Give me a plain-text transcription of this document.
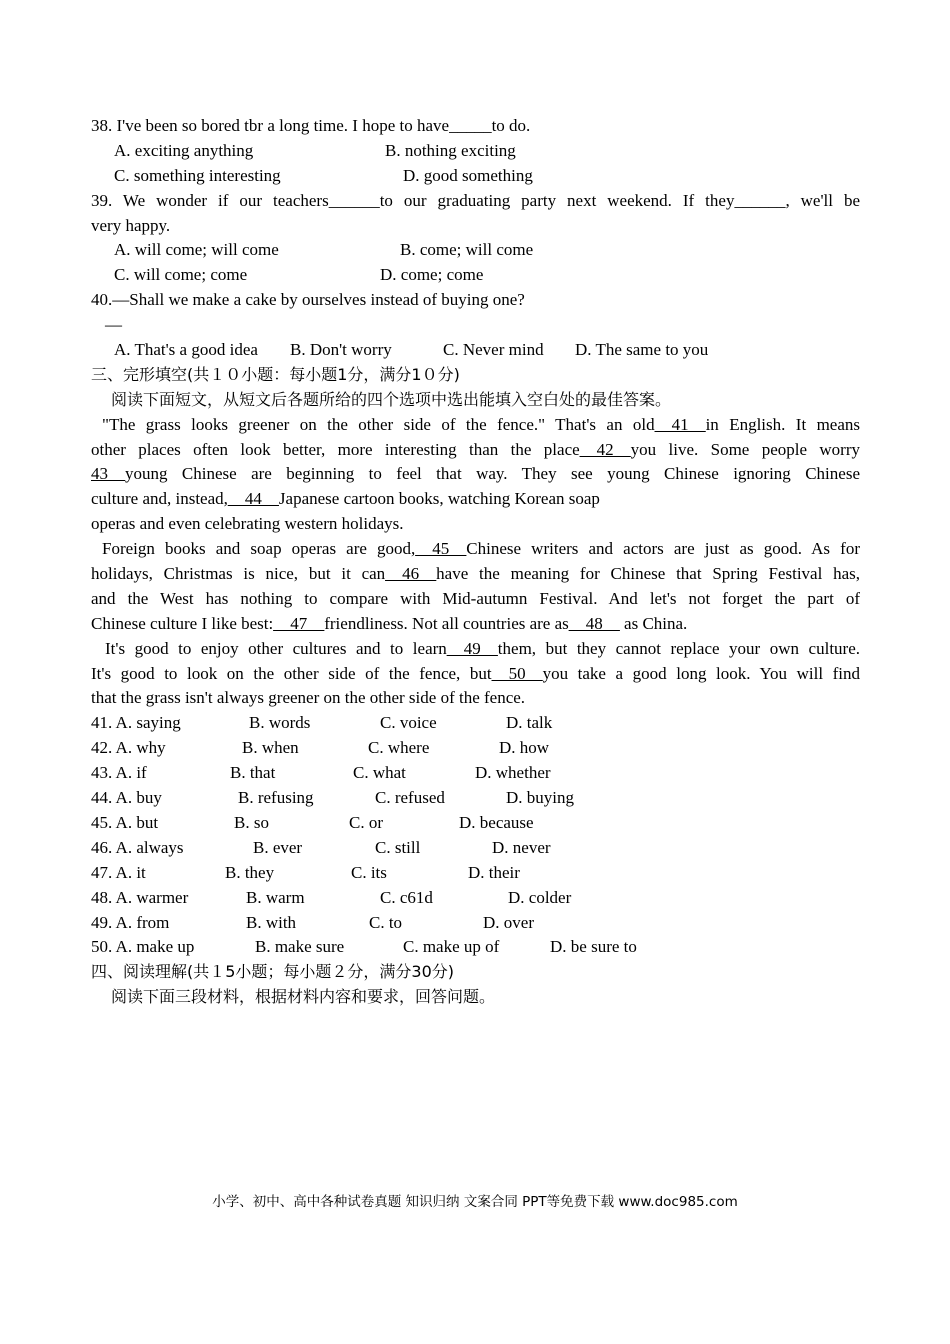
38. I've been so bored tbr a long time. I hope to have_____to do.
A. exciting anything	B. nothing exciting
C. something interesting	D. good something
39. We wonder if our teachers______to our graduating party next weekend. If they______, we'll be
very happy.
A. will come; will come	B. come; will come
C. will come; come	D. come; come
40.—Shall we make a cake by ourselves instead of buying one?
—
A. That's a good idea B. Don't worry	C. Never mind D. The same to you
三、完形填空(共１０小题：每小题1分，满分1０分)
阅读下面短文，从短文后各题所给的四个选项中选出能填入空白处的最佳答案。
"The grass looks greener on the other side of the fence." That's an old__41__in English. It means
other places often look better, more interesting than the place__42__you live. Some people worry
43__young Chinese are beginning to feel that way. They see young Chinese ignoring Chinese
culture and, instead,__44__Japanese cartoon books, watching Korean soap
operas and even celebrating western holidays.
Foreign books and soap operas are good,__45__Chinese writers and actors are just as good. As for
holidays, Christmas is nice, but it can__46__have the meaning for Chinese that Spring Festival has,
and the West has nothing to compare with Mid-autumn Festival. And let's not forget the part of
Chinese culture I like best:__47__friendliness. Not all countries are as__48__ as China.
It's good to enjoy other cultures and to learn__49__them, but they cannot replace your own culture.
It's good to look on the other side of the fence, but__50__you take a good long look. You will find
that the grass isn't always greener on the other side of the fence.
41. A. saying	B. words	C. voice	D. talk
42. A. why	B. when	C. where	D. how
43. A. if	B. that	C. what	D. whether
44. A. buy	B. refusing	C. refused	D. buying
45. A. but	B. so	C. or	D. because
46. A. always	B. ever	C. still	D. never
47. A. it	B. they	C. its	D. their
48. A. warmer	B. warm	C. c61d	D. colder
49. A. from	B. with	C. to	D. over
50. A. make up	B. make sure	C. make up of	D. be sure to
四、阅读理解(共１5小题；每小题２分，满分30分)
阅读下面三段材料，根据材料内容和要求，回答问题。
小学、初中、高中各种试卷真题 知识归纳 文案合同 PPT等免费下载 www.doc985.com
